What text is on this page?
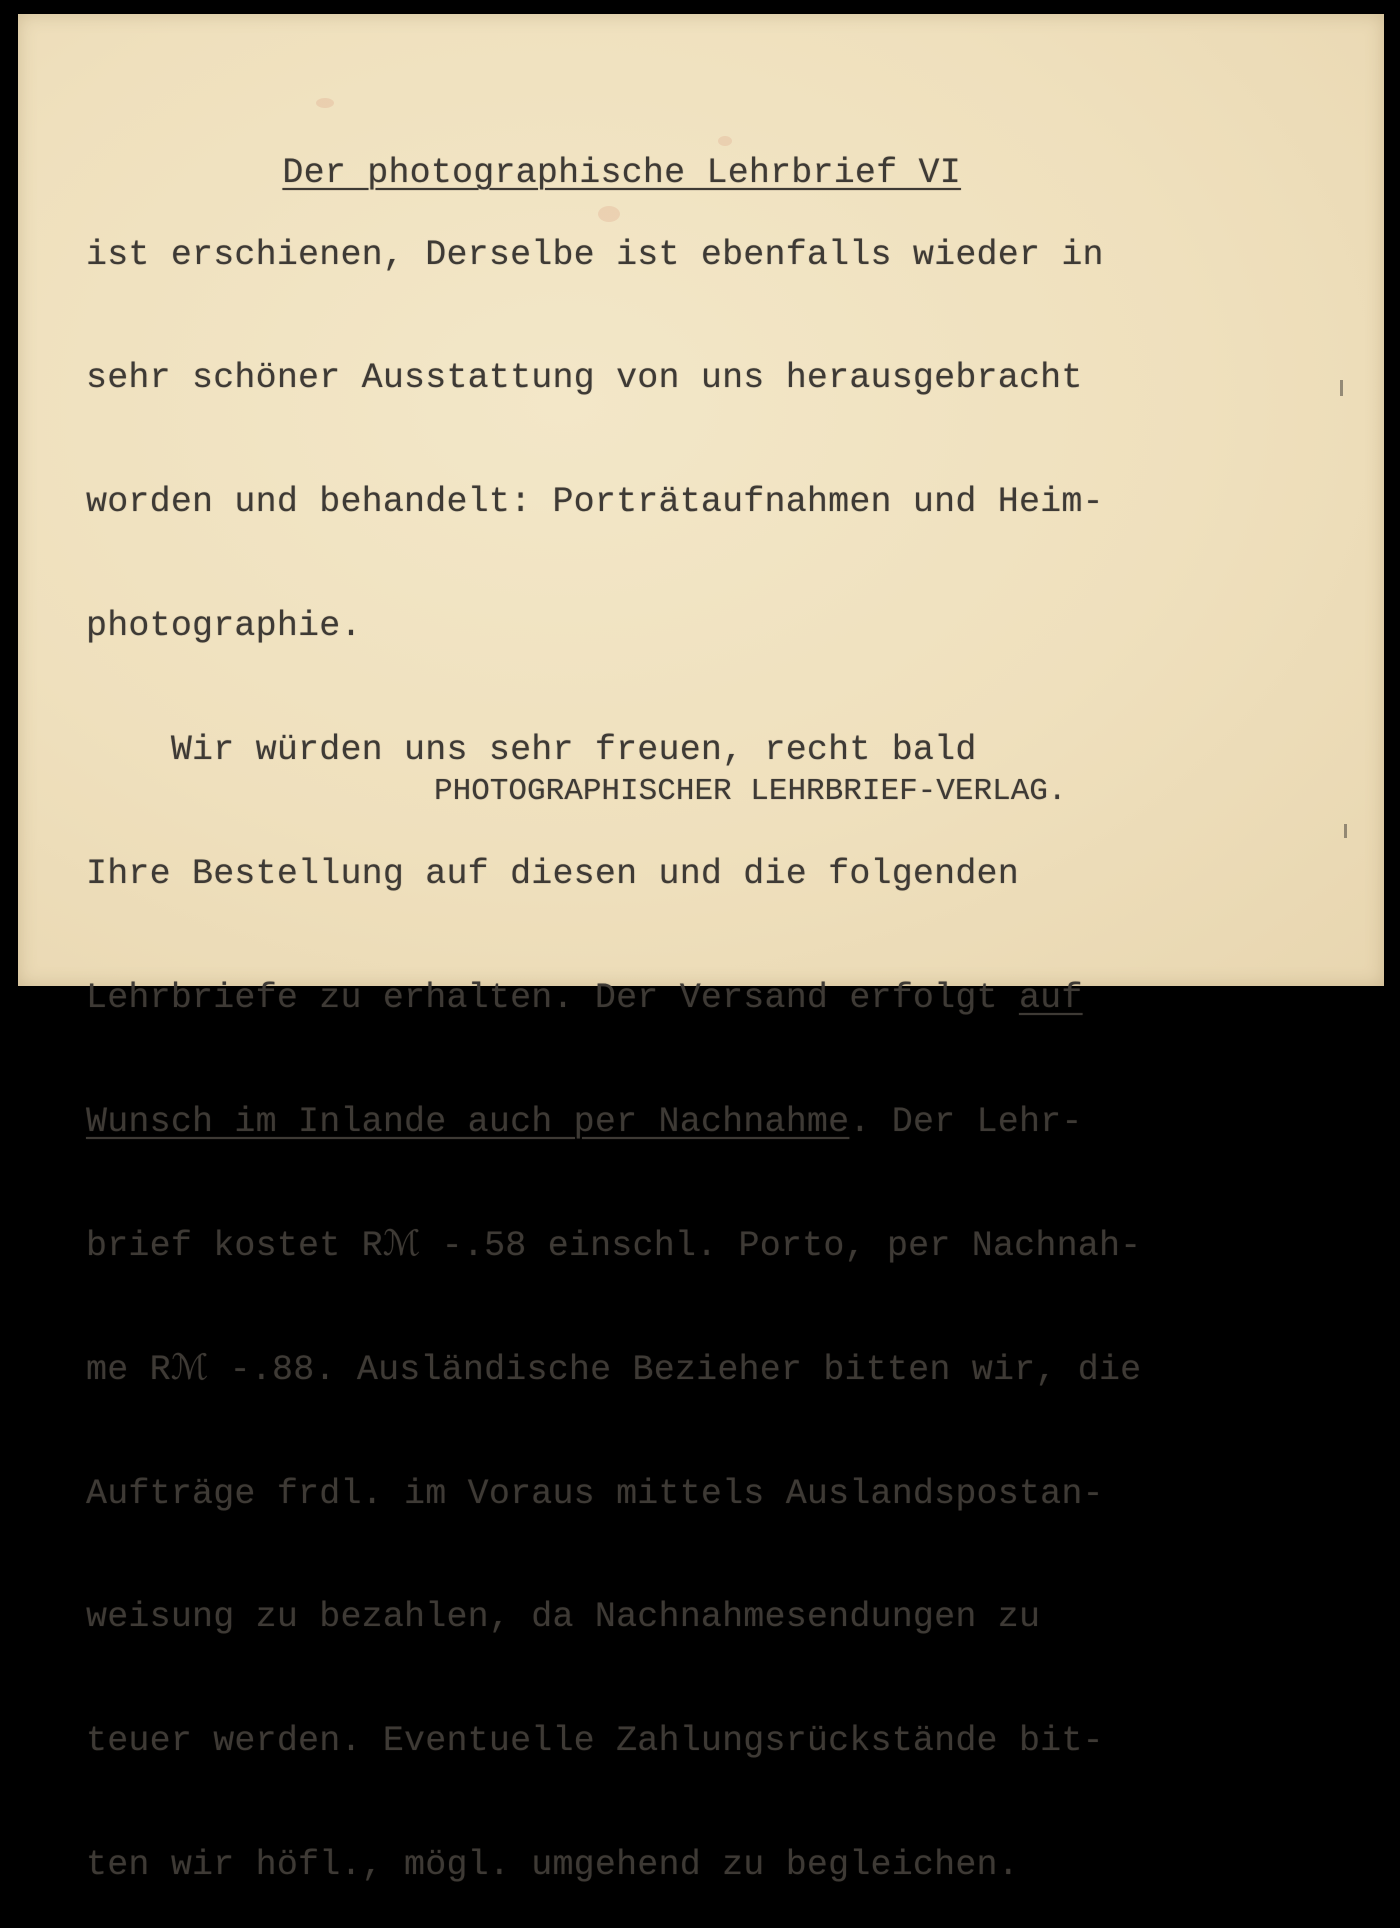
Der photographische Lehrbrief VI

ist erschienen, Derselbe ist ebenfalls wieder in

sehr schöner Ausstattung von uns herausgebracht

worden und behandelt: Porträtaufnahmen und Heim-

photographie.

Wir würden uns sehr freuen, recht bald

Ihre Bestellung auf diesen und die folgenden

Lehrbriefe zu erhalten. Der Versand erfolgt auf

Wunsch im Inlande auch per Nachnahme. Der Lehr-

brief kostet Rℳ -.58 einschl. Porto, per Nachnah-

me Rℳ -.88. Ausländische Bezieher bitten wir, die

Aufträge frdl. im Voraus mittels Auslandspostan-

weisung zu bezahlen, da Nachnahmesendungen zu

teuer werden. Eventuelle Zahlungsrückstände bit-

ten wir höfl., mögl. umgehend zu begleichen.

PHOTOGRAPHISCHER LEHRBRIEF-VERLAG.
